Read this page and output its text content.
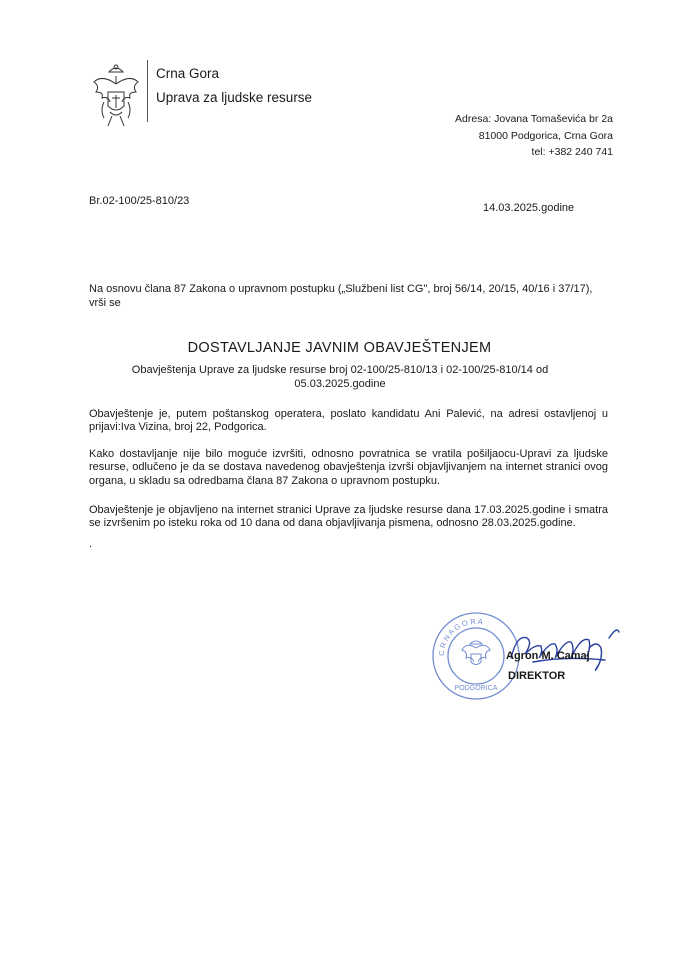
Crna Gora
Uprava za ljudske resurse
Adresa: Jovana Tomaševića br 2a
81000 Podgorica, Crna Gora
tel: +382 240 741
Br.02-100/25-810/23
14.03.2025.godine
Na osnovu člana 87 Zakona o upravnom postupku („Službeni list CG", broj 56/14, 20/15, 40/16 i 37/17), vrši se
DOSTAVLJANJE JAVNIM OBAVJEŠTENJEM
Obavještenja Uprave za ljudske resurse broj 02-100/25-810/13 i 02-100/25-810/14 od 05.03.2025.godine
Obavještenje je, putem poštanskog operatera, poslato kandidatu Ani Palević, na adresi ostavljenoj u prijavi:Iva Vizina, broj 22, Podgorica.
Kako dostavljanje nije bilo moguće izvršiti, odnosno povratnica se vratila pošiljaocu-Upravi za ljudske resurse, odlučeno je da se dostava navedenog obavještenja izvrši objavljivanjem na internet stranici ovog organa, u skladu sa odredbama člana 87 Zakona o upravnom postupku.
Obavještenje je objavljeno na internet stranici Uprave za ljudske resurse dana 17.03.2025.godine i smatra se izvršenim po isteku roka od 10 dana od dana objavljivanja pismena, odnosno 28.03.2025.godine.
.
C R N A G O R A
PODGORICA
Agron M. Camaj
DIREKTOR
